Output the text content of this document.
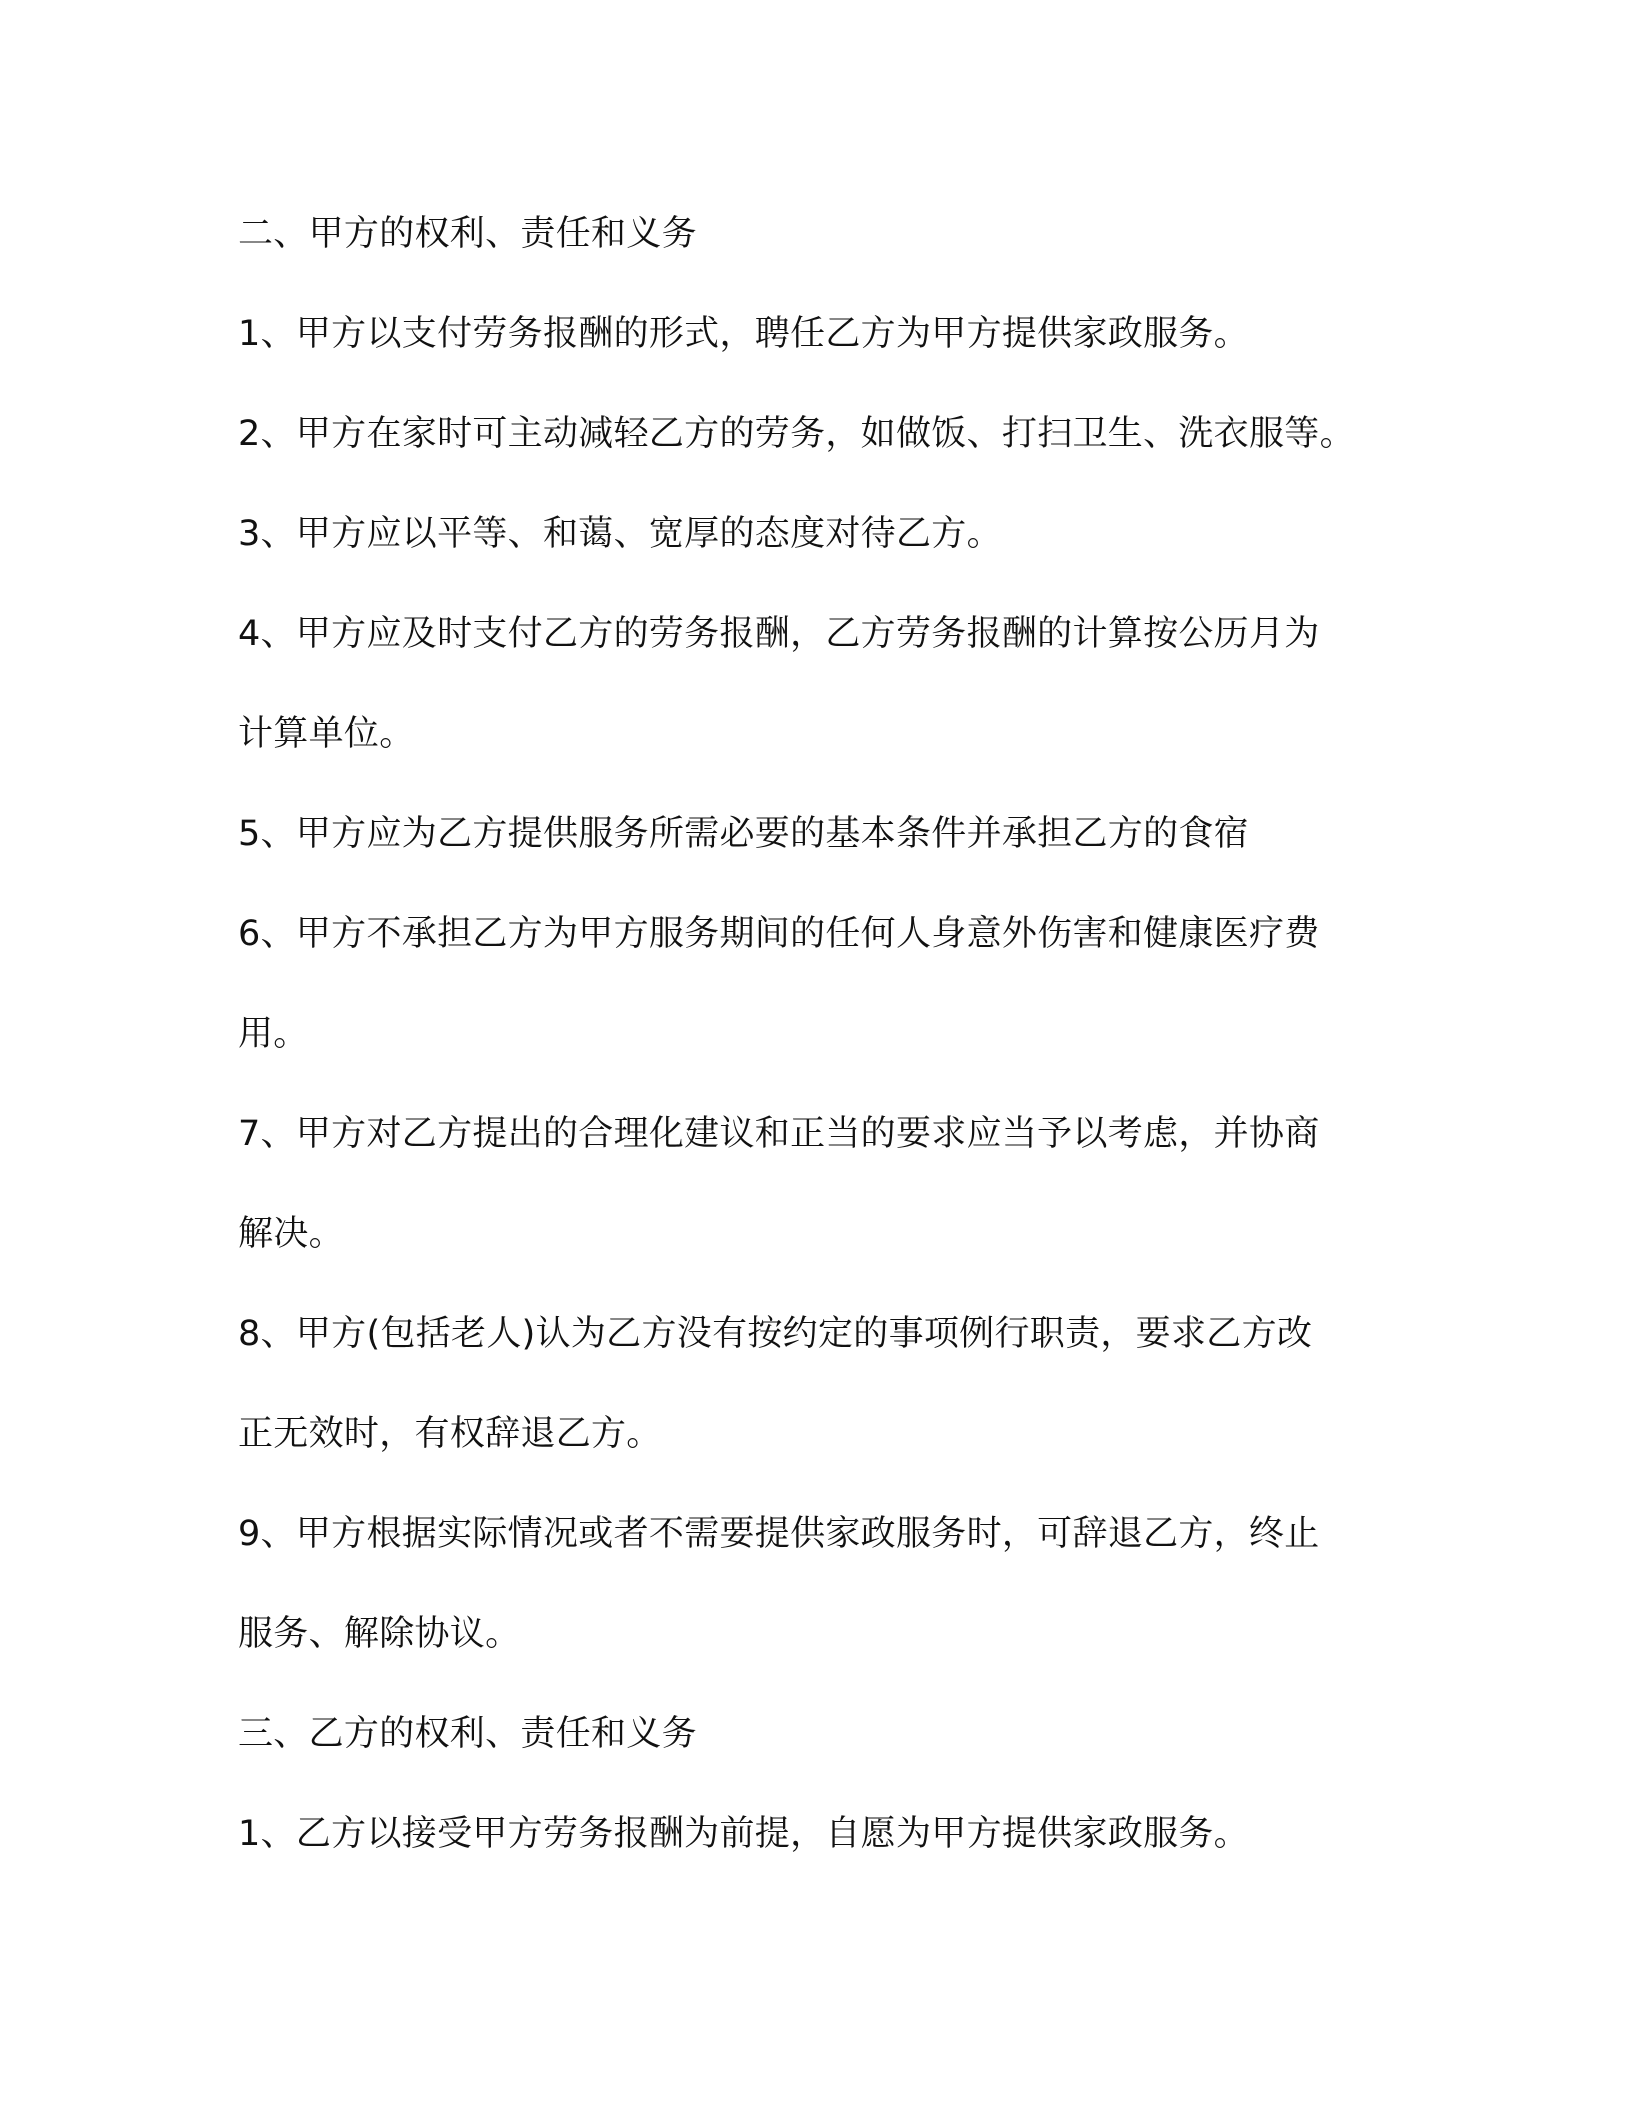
二、甲方的权利、责任和义务
1、甲方以支付劳务报酬的形式，聘任乙方为甲方提供家政服务。
2、甲方在家时可主动减轻乙方的劳务，如做饭、打扫卫生、洗衣服等。
3、甲方应以平等、和蔼、宽厚的态度对待乙方。
4、甲方应及时支付乙方的劳务报酬，乙方劳务报酬的计算按公历月为
计算单位。
5、甲方应为乙方提供服务所需必要的基本条件并承担乙方的食宿
6、甲方不承担乙方为甲方服务期间的任何人身意外伤害和健康医疗费
用。
7、甲方对乙方提出的合理化建议和正当的要求应当予以考虑，并协商
解决。
8、甲方(包括老人)认为乙方没有按约定的事项例行职责，要求乙方改
正无效时，有权辞退乙方。
9、甲方根据实际情况或者不需要提供家政服务时，可辞退乙方，终止
服务、解除协议。
三、乙方的权利、责任和义务
1、乙方以接受甲方劳务报酬为前提，自愿为甲方提供家政服务。
